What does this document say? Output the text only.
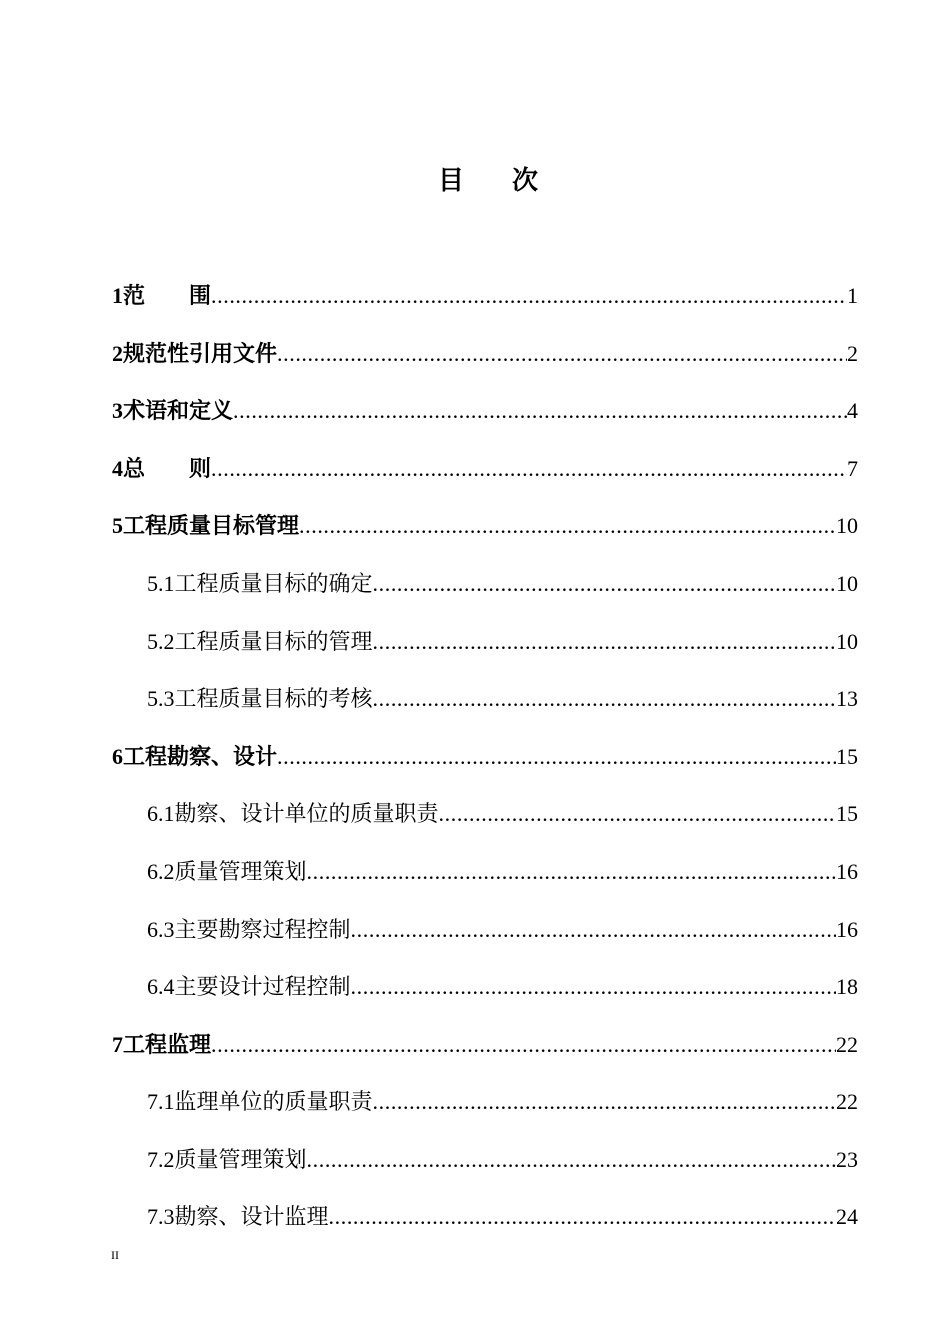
目 次
1 范　　围 .....	1
2 规范性引用文件 .....	2
3 术语和定义 .....	4
4 总　　则 .....	7
5 工程质量目标管理 .....	10
5.1 工程质量目标的确定 .....	10
5.2 工程质量目标的管理 .....	10
5.3 工程质量目标的考核 .....	13
6 工程勘察、设计 .....	15
6.1 勘察、设计单位的质量职责 .....	15
6.2 质量管理策划 .....	16
6.3 主要勘察过程控制 .....	16
6.4 主要设计过程控制 .....	18
7 工程监理 .....	22
7.1 监理单位的质量职责 .....	22
7.2 质量管理策划 .....	23
7.3 勘察、设计监理 .....	24
II
